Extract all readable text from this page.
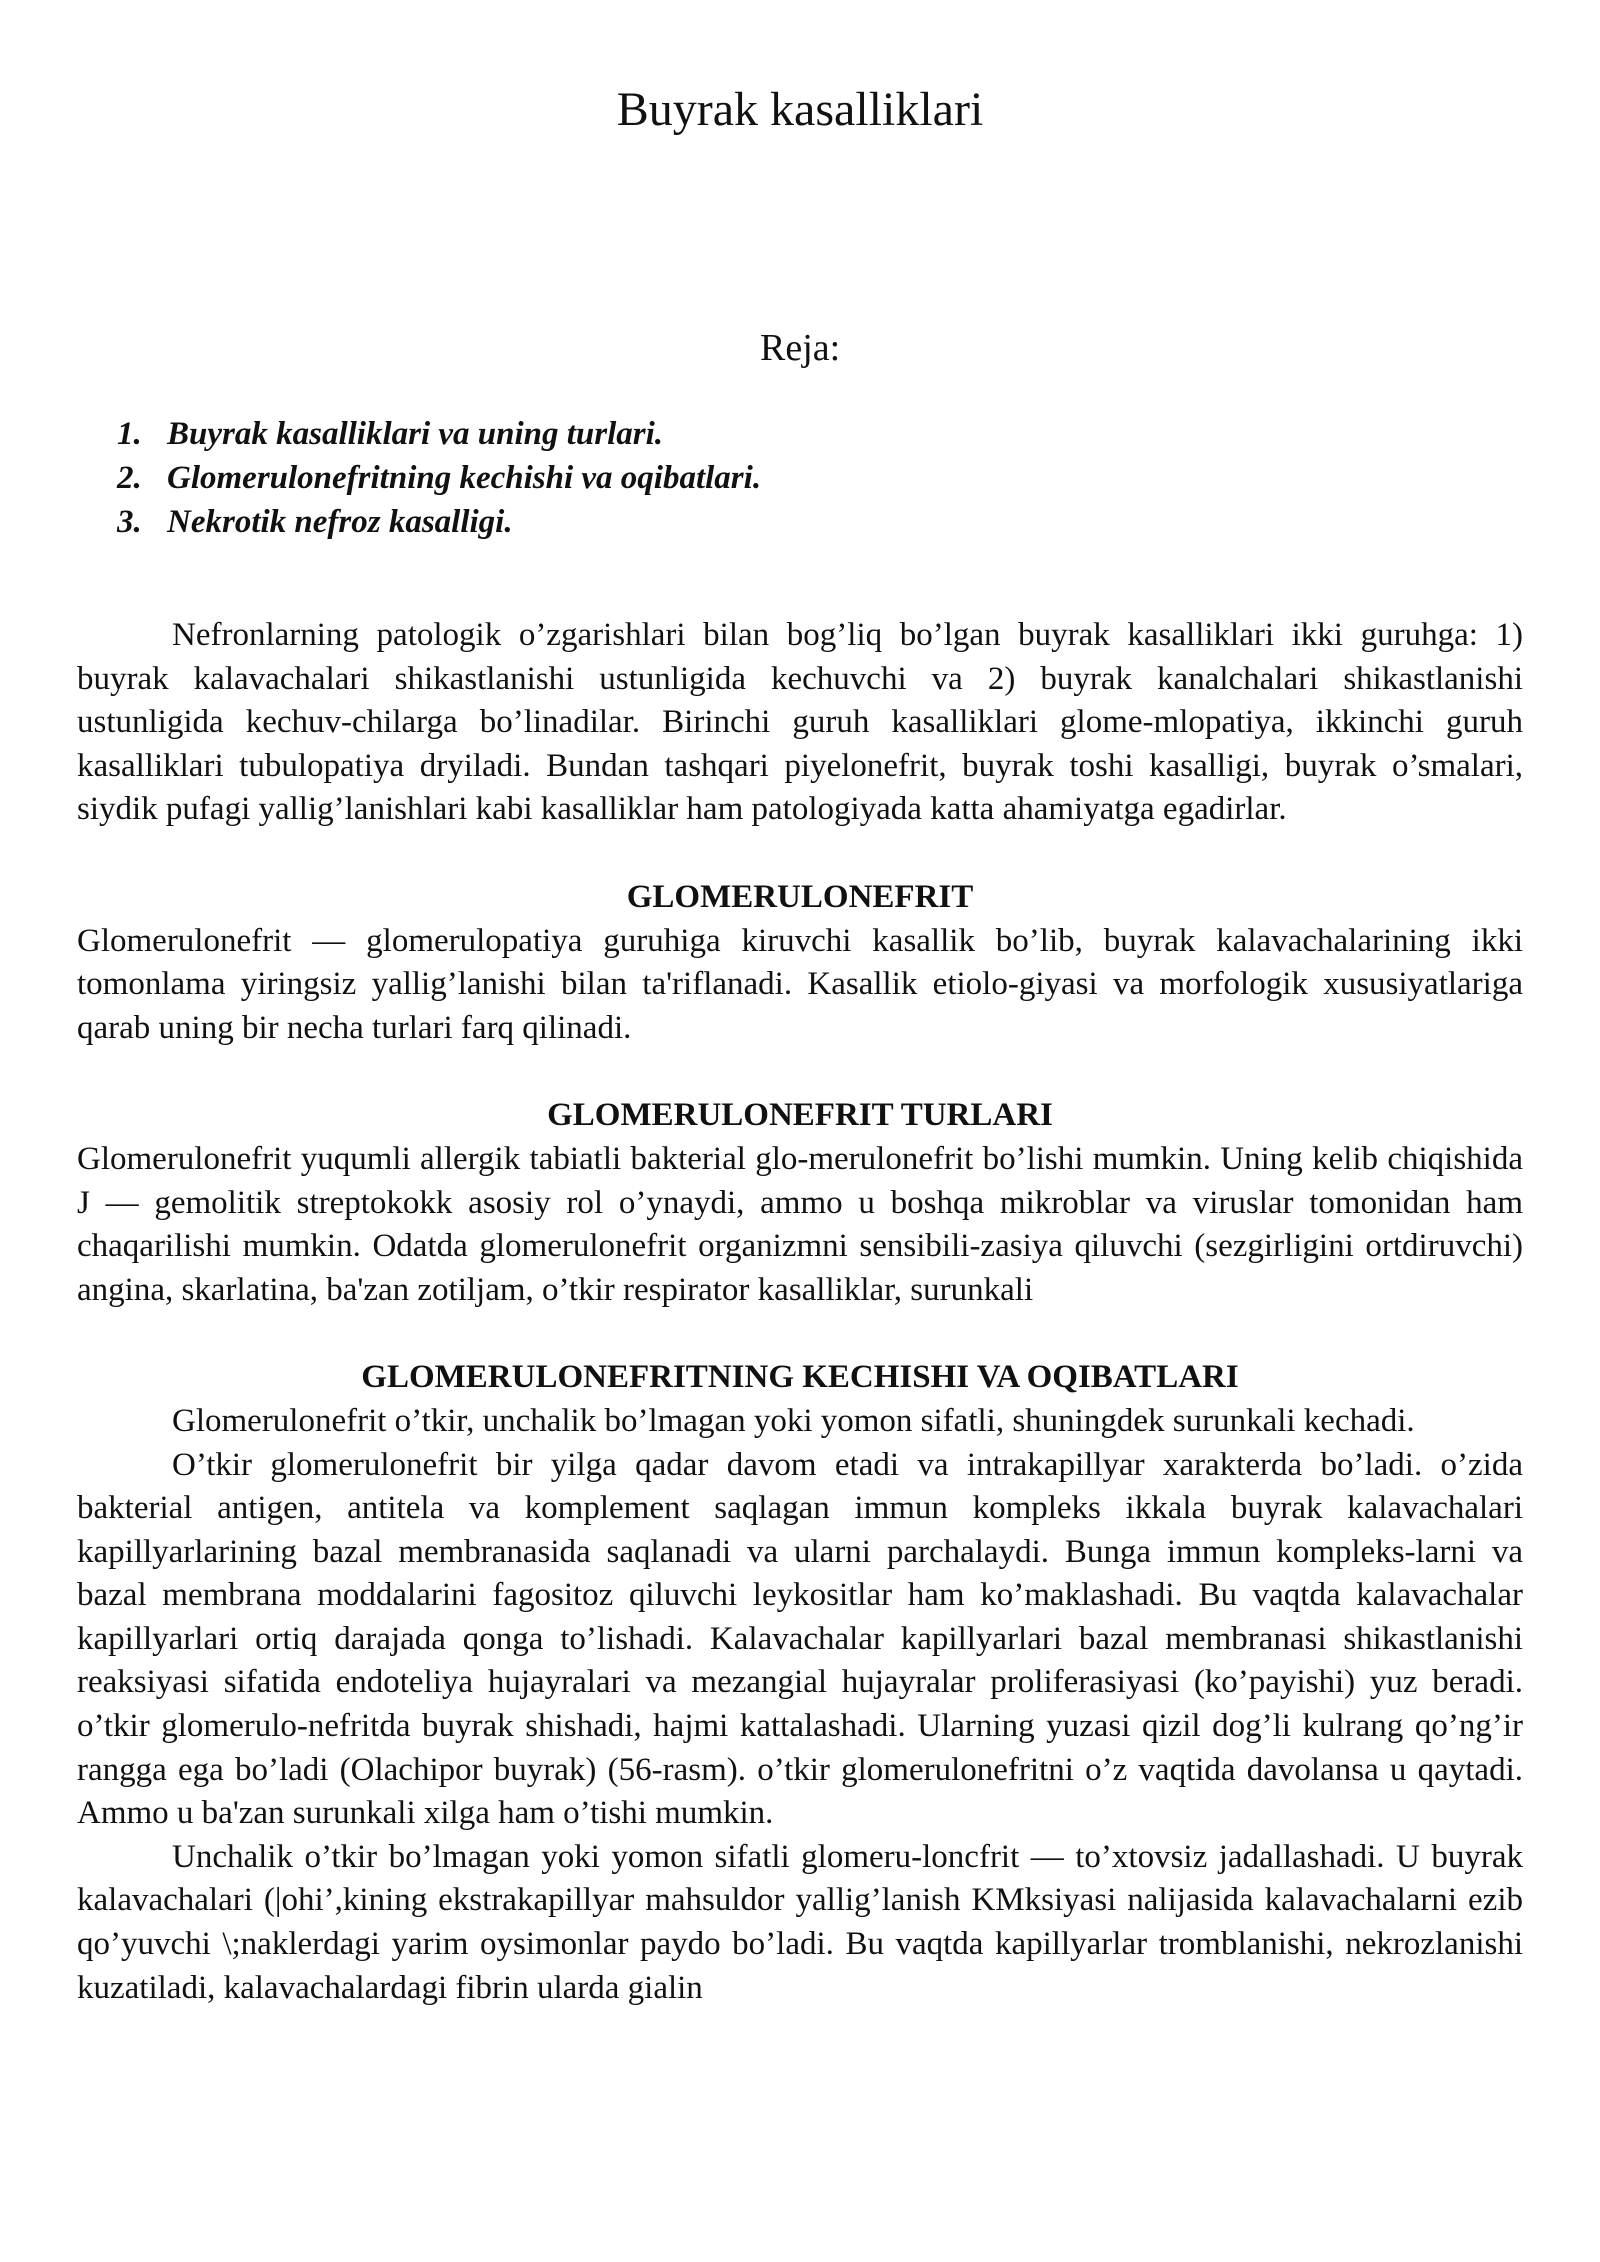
Buyrak kasalliklari
Reja:
1. Buyrak kasalliklari va uning turlari.
2. Glomerulonefritning kechishi va oqibatlari.
3. Nekrotik nefroz kasalligi.

Nefronlarning patologik o’zgarishlari bilan bog’liq bo’lgan buyrak kasalliklari ikki guruhga: 1) buyrak kalavachalari shikastlanishi ustunligida kechuvchi va 2) buyrak kanalchalari shikastlanishi ustunligida kechuv-chilarga bo’linadilar. Birinchi guruh kasalliklari glome-mlopatiya, ikkinchi guruh kasalliklari tubulopatiya dryiladi. Bundan tashqari piyelonefrit, buyrak toshi kasalligi, buyrak o’smalari, siydik pufagi yallig’lanishlari kabi kasalliklar ham patologiyada katta ahamiyatga egadirlar.

GLOMERULONEFRIT

Glomerulonefrit — glomerulopatiya guruhiga kiruvchi kasallik bo’lib, buyrak kalavachalarining ikki tomonlama yiringsiz yallig’lanishi bilan ta'riflanadi. Kasallik etiolo-giyasi va morfologik xususiyatlariga qarab uning bir necha turlari farq qilinadi.

GLOMERULONEFRIT TURLARI

Glomerulonefrit yuqumli allergik tabiatli bakterial glo-merulonefrit bo’lishi mumkin. Uning kelib chiqishida J — gemolitik streptokokk asosiy rol o’ynaydi, ammo u boshqa mikroblar va viruslar tomonidan ham chaqarilishi mumkin. Odatda glomerulonefrit organizmni sensibili-zasiya qiluvchi (sezgirligini ortdiruvchi) angina, skarlatina, ba'zan zotiljam, o’tkir respirator kasalliklar, surunkali

GLOMERULONEFRITNING KECHISHI VA OQIBATLARI

Glomerulonefrit o’tkir, unchalik bo’lmagan yoki yomon sifatli, shuningdek surunkali kechadi.

O’tkir glomerulonefrit bir yilga qadar davom etadi va intrakapillyar xarakterda bo’ladi. o’zida bakterial antigen, antitela va komplement saqlagan immun kompleks ikkala buyrak kalavachalari kapillyarlarining bazal membranasida saqlanadi va ularni parchalaydi. Bunga immun kompleks-larni va bazal membrana moddalarini fagositoz qiluvchi leykositlar ham ko’maklashadi. Bu vaqtda kalavachalar kapillyarlari ortiq darajada qonga to’lishadi. Kalavachalar kapillyarlari bazal membranasi shikastlanishi reaksiyasi sifatida endoteliya hujayralari va mezangial hujayralar proliferasiyasi (ko’payishi) yuz beradi. o’tkir glomerulo-nefritda buyrak shishadi, hajmi kattalashadi. Ularning yuzasi qizil dog’li kulrang qo’ng’ir rangga ega bo’ladi (Olachipor buyrak) (56-rasm). o’tkir glomerulonefritni o’z vaqtida davolansa u qaytadi. Ammo u ba'zan surunkali xilga ham o’tishi mumkin.

Unchalik o’tkir bo’lmagan yoki yomon sifatli glomeru-loncfrit — to’xtovsiz jadallashadi. U buyrak kalavachalari (|ohi’,kining ekstrakapillyar mahsuldor yallig’lanish KMksiyasi nalijasida kalavachalarni ezib qo’yuvchi \;naklerdagi yarim oysimonlar paydo bo’ladi. Bu vaqtda kapillyarlar tromblanishi, nekrozlanishi kuzatiladi, kalavachalardagi fibrin ularda gialin
